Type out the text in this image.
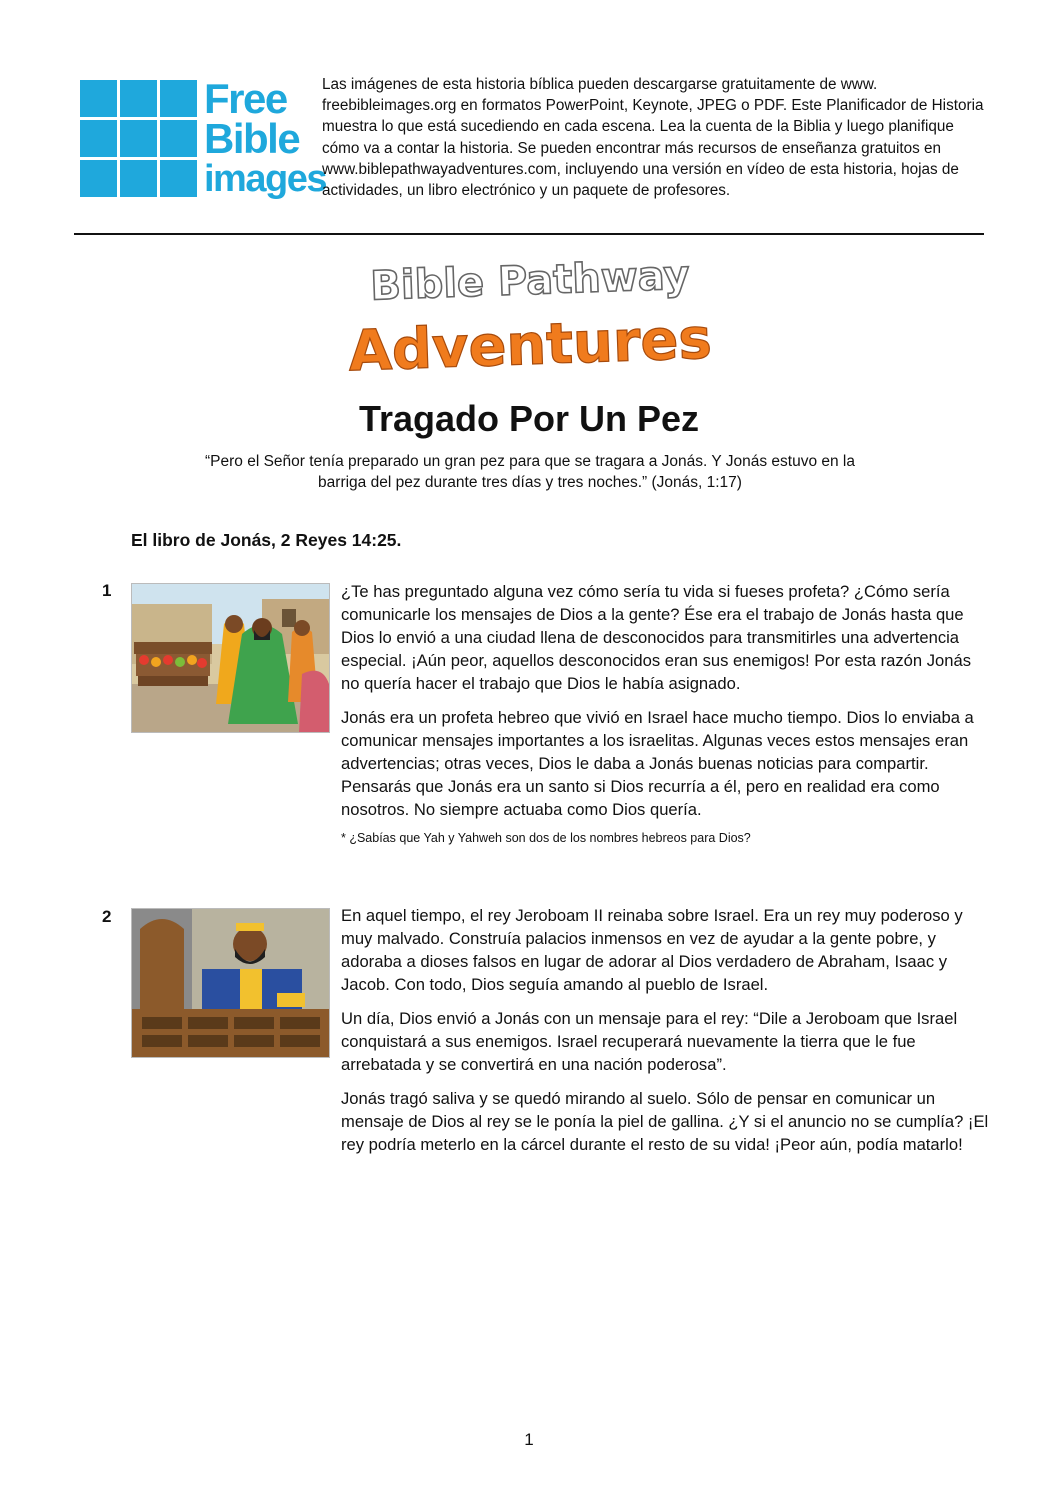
Free
Bible
images
Las imágenes de esta historia bíblica pueden descargarse gratuitamente de www. freebibleimages.org en formatos PowerPoint, Keynote, JPEG o PDF. Este Planificador de Historia muestra lo que está sucediendo en cada escena. Lea la cuenta de la Biblia y luego planifique cómo va a contar la historia. Se pueden encontrar más recursos de enseñanza gratuitos en www.biblepathwayadventures.com, incluyendo una versión en vídeo de esta historia, hojas de actividades, un libro electrónico y un paquete de profesores.
Bible Pathway
Adventures
Tragado Por Un Pez
“Pero el Señor tenía preparado un gran pez para que se tragara a Jonás. Y Jonás estuvo en la barriga del pez durante tres días y tres noches.” (Jonás, 1:17)
El libro de Jonás, 2 Reyes 14:25.
1	¿Te has preguntado alguna vez cómo sería tu vida si fueses profeta? ¿Cómo sería comunicarle los mensajes de Dios a la gente? Ése era el trabajo de Jonás hasta que Dios lo envió a una ciudad llena de desconocidos para transmitirles una advertencia especial. ¡Aún peor, aquellos desconocidos eran sus enemigos! Por esta razón Jonás no quería hacer el trabajo que Dios le había asignado.

Jonás era un profeta hebreo que vivió en Israel hace mucho tiempo. Dios lo enviaba a comunicar mensajes importantes a los israelitas. Algunas veces estos mensajes eran advertencias; otras veces, Dios le daba a Jonás buenas noticias para compartir. Pensarás que Jonás era un santo si Dios recurría a él, pero en realidad era como nosotros. No siempre actuaba como Dios quería.

* ¿Sabías que Yah y Yahweh son dos de los nombres hebreos para Dios?
2	En aquel tiempo, el rey Jeroboam II reinaba sobre Israel. Era un rey muy poderoso y muy malvado. Construía palacios inmensos en vez de ayudar a la gente pobre, y adoraba a dioses falsos en lugar de adorar al Dios verdadero de Abraham, Isaac y Jacob. Con todo, Dios seguía amando al pueblo de Israel.

Un día, Dios envió a Jonás con un mensaje para el rey: “Dile a Jeroboam que Israel conquistará a sus enemigos. Israel recuperará nuevamente la tierra que le fue arrebatada y se convertirá en una nación poderosa”.

Jonás tragó saliva y se quedó mirando al suelo. Sólo de pensar en comunicar un mensaje de Dios al rey se le ponía la piel de gallina. ¿Y si el anuncio no se cumplía? ¡El rey podría meterlo en la cárcel durante el resto de su vida! ¡Peor aún, podía matarlo!

1
